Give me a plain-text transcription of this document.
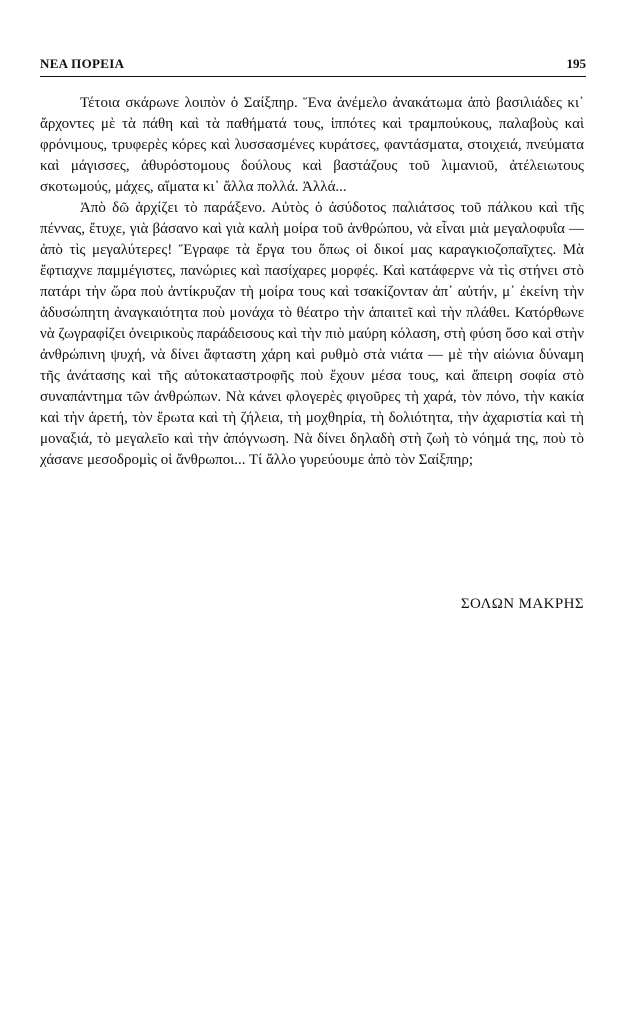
ΝΕΑ ΠΟΡΕΙΑ	195

Τέτοια σκάρωνε λοιπὸν ὁ Σαίξπηρ. Ἕνα ἀνέμελο ἀνακάτωμα ἀπὸ βασιλιάδες κι᾽ ἄρχοντες μὲ τὰ πάθη καὶ τὰ παθήματά τους, ἱππότες καὶ τραμπούκους, παλαβοὺς καὶ φρόνιμους, τρυφερὲς κόρες καὶ λυσσασμένες κυράτσες, φαντάσματα, στοιχειά, πνεύματα καὶ μάγισσες, ἀθυρόστομους δούλους καὶ βαστάζους τοῦ λιμανιοῦ, ἀτέλειωτους σκοτωμούς, μάχες, αἵματα κι᾽ ἄλλα πολλά. Ἀλλά...

Ἀπὸ δῶ ἀρχίζει τὸ παράξενο. Αὐτὸς ὁ ἀσύδοτος παλιάτσος τοῦ πάλκου καὶ τῆς πέννας, ἔτυχε, γιὰ βάσανο καὶ γιὰ καλὴ μοίρα τοῦ ἀνθρώπου, νὰ εἶναι μιὰ μεγαλοφυΐα — ἀπὸ τὶς μεγαλύτερες! Ἔγραφε τὰ ἔργα του ὅπως οἱ δικοί μας καραγκιοζοπαῖχτες. Μὰ ἔφτιαχνε παμμέγιστες, πανώριες καὶ πασίχαρες μορφές. Καὶ κατάφερνε νὰ τὶς στήνει στὸ πατάρι τὴν ὥρα ποὺ ἀντίκρυζαν τὴ μοίρα τους καὶ τσακίζονταν ἀπ᾽ αὐτήν, μ᾽ ἐκείνη τὴν ἀδυσώπητη ἀναγκαιότητα ποὺ μονάχα τὸ θέατρο τὴν ἀπαιτεῖ καὶ τὴν πλάθει. Κατόρθωνε νὰ ζωγραφίζει ὀνειρικοὺς παράδεισους καὶ τὴν πιὸ μαύρη κόλαση, στὴ φύση ὅσο καὶ στὴν ἀνθρώπινη ψυχή, νὰ δίνει ἄφταστη χάρη καὶ ρυθμὸ στὰ νιάτα — μὲ τὴν αἰώνια δύναμη τῆς ἀνάτασης καὶ τῆς αὐτοκαταστροφῆς ποὺ ἔχουν μέσα τους, καὶ ἄπειρη σοφία στὸ συναπάντημα τῶν ἀνθρώπων. Νὰ κάνει φλογερὲς φιγοῦρες τὴ χαρά, τὸν πόνο, τὴν κακία καὶ τὴν ἀρετή, τὸν ἔρωτα καὶ τὴ ζήλεια, τὴ μοχθηρία, τὴ δολιότητα, τὴν ἀχαριστία καὶ τὴ μοναξιά, τὸ μεγαλεῖο καὶ τὴν ἀπόγνωση. Νὰ δίνει δηλαδὴ στὴ ζωὴ τὸ νόημά της, ποὺ τὸ χάσανε μεσοδρομὶς οἱ ἄνθρωποι... Τί ἄλλο γυρεύουμε ἀπὸ τὸν Σαίξπηρ;

ΣΟΛΩΝ ΜΑΚΡΗΣ
